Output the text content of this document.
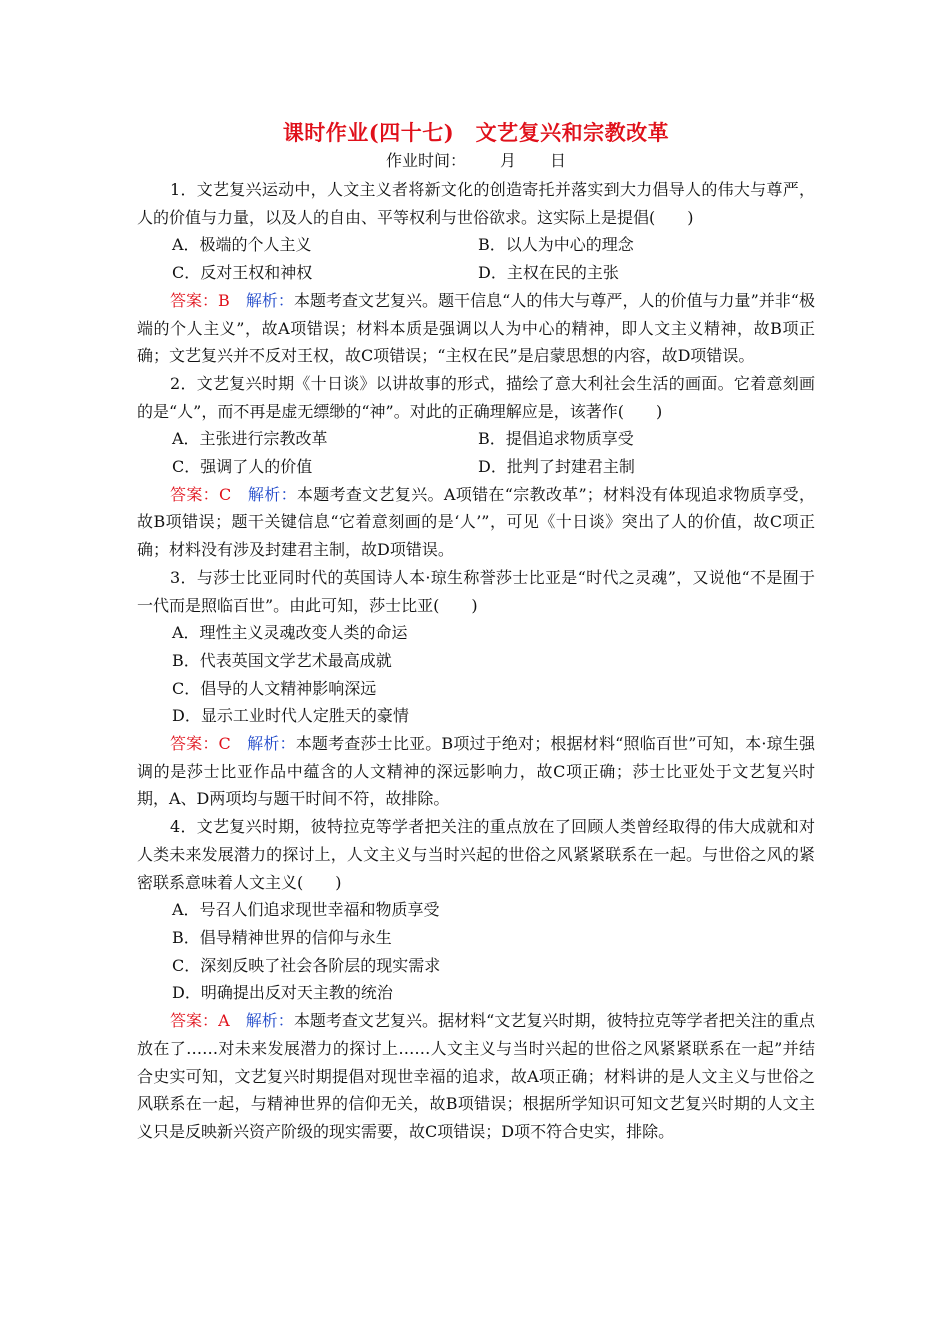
课时作业(四十七)　文艺复兴和宗教改革
作业时间： 月 日

1．文艺复兴运动中，人文主义者将新文化的创造寄托并落实到大力倡导人的伟大与尊严，人的价值与力量，以及人的自由、平等权利与世俗欲求。这实际上是提倡(　　)

A．极端的个人主义	B．以人为中心的理念
C．反对王权和神权	D．主权在民的主张

答案：B　 解析：本题考查文艺复兴。题干信息“人的伟大与尊严，人的价值与力量”并非“极端的个人主义”，故A项错误；材料本质是强调以人为中心的精神，即人文主义精神，故B项正确；文艺复兴并不反对王权，故C项错误；“主权在民”是启蒙思想的内容，故D项错误。

2．文艺复兴时期《十日谈》以讲故事的形式，描绘了意大利社会生活的画面。它着意刻画的是“人”，而不再是虚无缥缈的“神”。对此的正确理解应是，该著作(　　)

A．主张进行宗教改革	B．提倡追求物质享受
C．强调了人的价值	D．批判了封建君主制

答案：C　 解析：本题考查文艺复兴。A项错在“宗教改革”；材料没有体现追求物质享受，故B项错误；题干关键信息“它着意刻画的是‘人’”，可见《十日谈》突出了人的价值，故C项正确；材料没有涉及封建君主制，故D项错误。

3．与莎士比亚同时代的英国诗人本·琼生称誉莎士比亚是“时代之灵魂”，又说他“不是囿于一代而是照临百世”。由此可知，莎士比亚(　　)

A．理性主义灵魂改变人类的命运

B．代表英国文学艺术最高成就

C．倡导的人文精神影响深远

D．显示工业时代人定胜天的豪情

答案：C　 解析：本题考查莎士比亚。B项过于绝对；根据材料“照临百世”可知，本·琼生强调的是莎士比亚作品中蕴含的人文精神的深远影响力，故C项正确；莎士比亚处于文艺复兴时期，A、D两项均与题干时间不符，故排除。

4．文艺复兴时期，彼特拉克等学者把关注的重点放在了回顾人类曾经取得的伟大成就和对人类未来发展潜力的探讨上，人文主义与当时兴起的世俗之风紧紧联系在一起。与世俗之风的紧密联系意味着人文主义(　　)

A．号召人们追求现世幸福和物质享受

B．倡导精神世界的信仰与永生

C．深刻反映了社会各阶层的现实需求

D．明确提出反对天主教的统治

答案：A　 解析：本题考查文艺复兴。据材料“文艺复兴时期，彼特拉克等学者把关注的重点放在了……对未来发展潜力的探讨上……人文主义与当时兴起的世俗之风紧紧联系在一起”并结合史实可知，文艺复兴时期提倡对现世幸福的追求，故A项正确；材料讲的是人文主义与世俗之风联系在一起，与精神世界的信仰无关，故B项错误；根据所学知识可知文艺复兴时期的人文主义只是反映新兴资产阶级的现实需要，故C项错误；D项不符合史实，排除。
